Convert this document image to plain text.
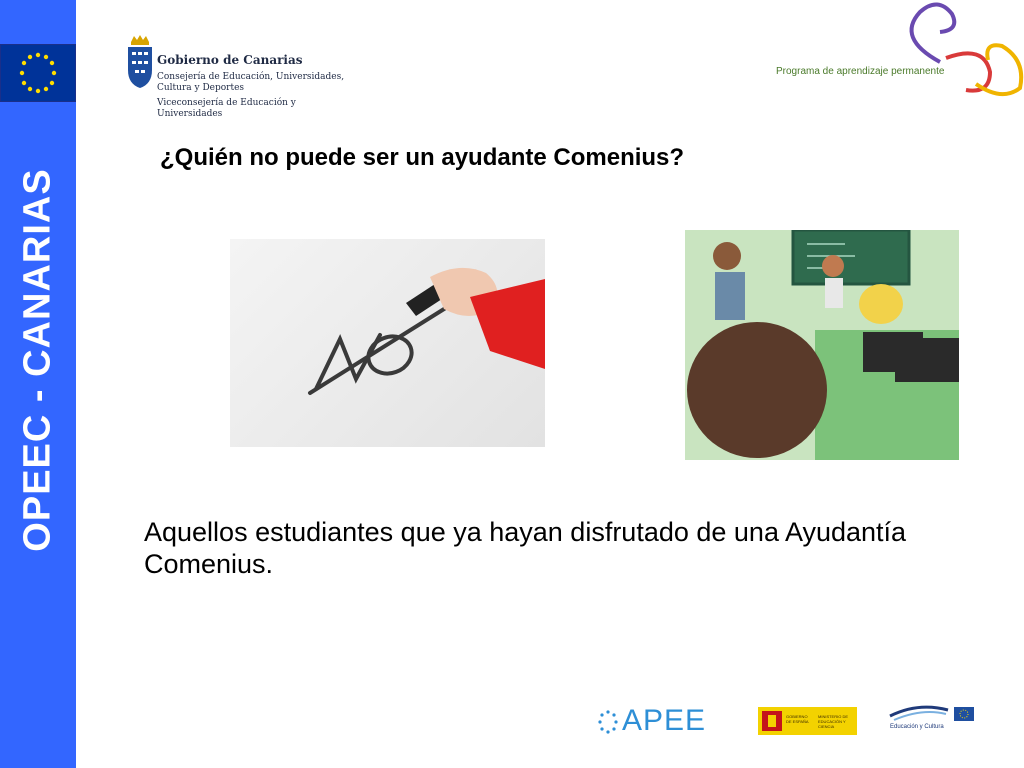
OPEEC - CANARIAS
Gobierno de Canarias
Consejería de Educación, Universidades, Cultura y Deportes
Viceconsejería de Educación y Universidades
Programa de aprendizaje permanente
¿Quién no puede ser un ayudante Comenius?
Aquellos estudiantes que ya hayan disfrutado de una Ayudantía Comenius.
APEE	GOBIERNO DE ESPAÑA
MINISTERIO DE EDUCACIÓN Y CIENCIA	Educación y Cultura
